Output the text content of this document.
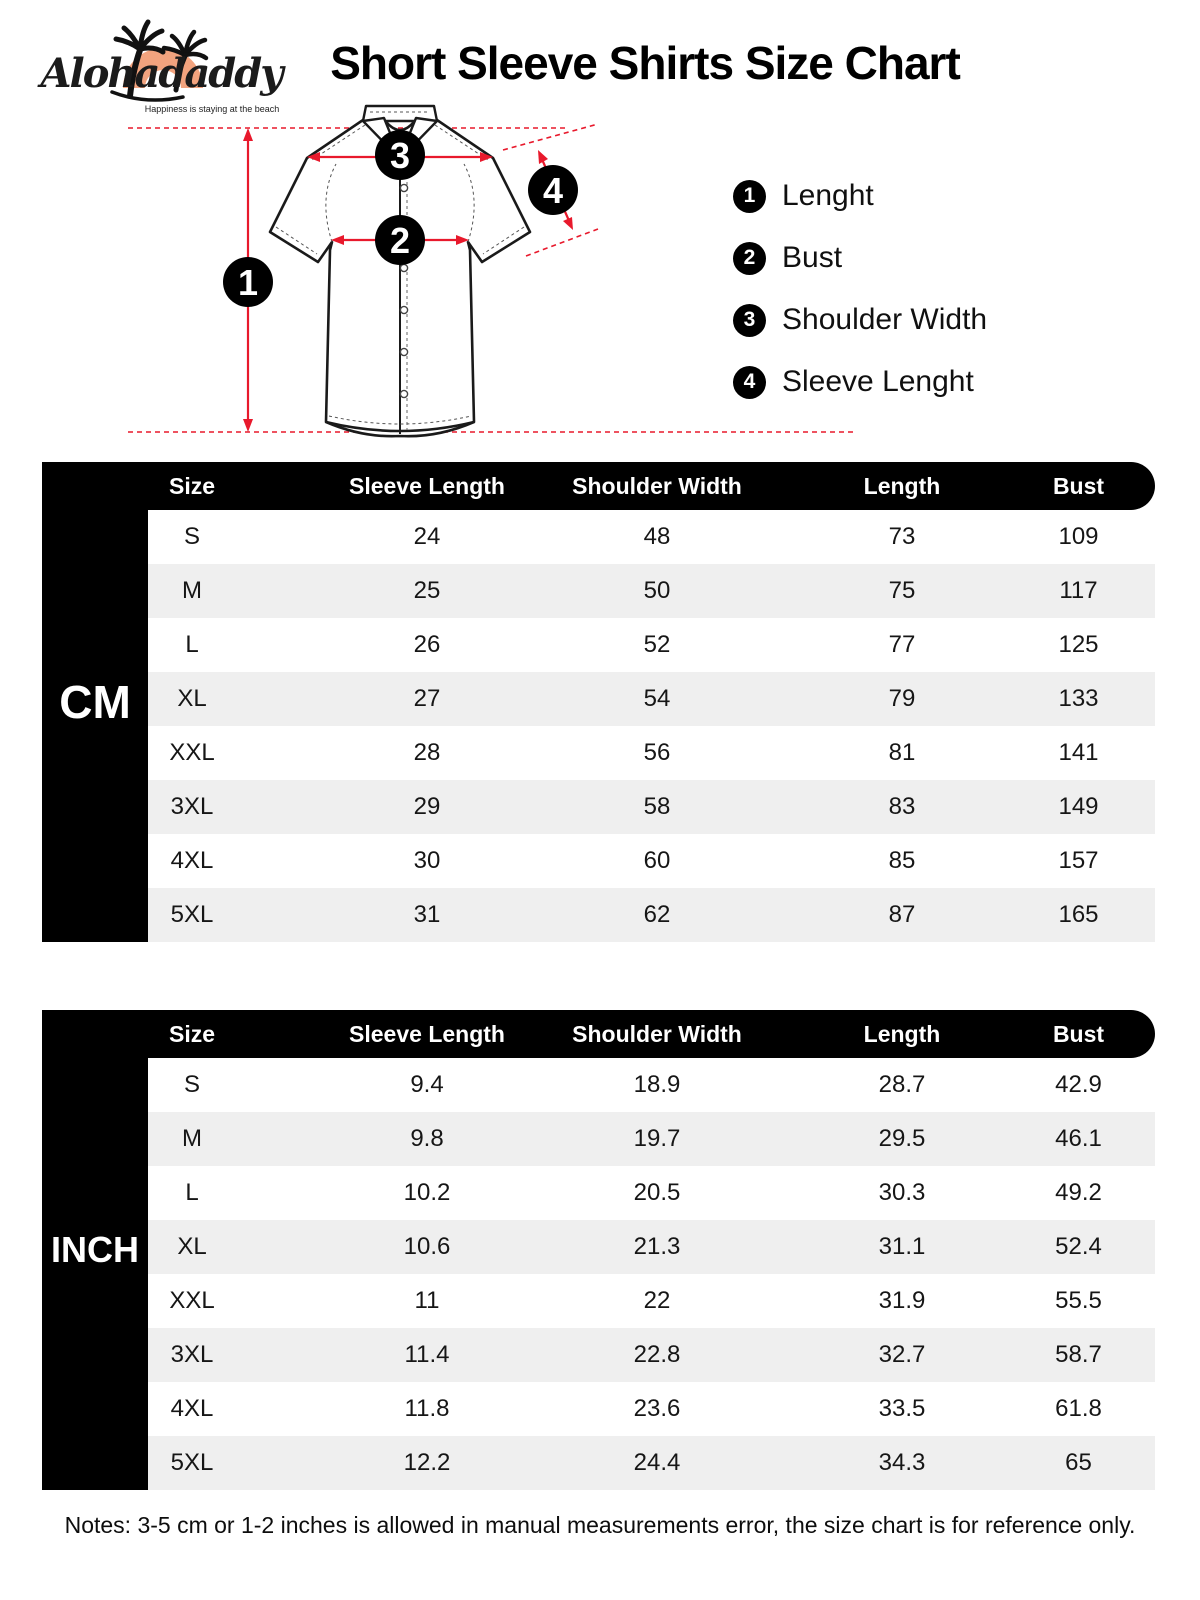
Alohadaddy
Happiness is staying at the beach
Short Sleeve Shirts Size Chart
1
3
2
4	1 Lenght
2 Bust
3 Shoulder Width
4 Sleeve Lenght
CM
Size	Sleeve Length	Shoulder Width	Length	Bust
S	24	48	73	109
M	25	50	75	117
L	26	52	77	125
XL	27	54	79	133
XXL	28	56	81	141
3XL	29	58	83	149
4XL	30	60	85	157
5XL	31	62	87	165
INCH
Size	Sleeve Length	Shoulder Width	Length	Bust
S	9.4	18.9	28.7	42.9
M	9.8	19.7	29.5	46.1
L	10.2	20.5	30.3	49.2
XL	10.6	21.3	31.1	52.4
XXL	11	22	31.9	55.5
3XL	11.4	22.8	32.7	58.7
4XL	11.8	23.6	33.5	61.8
5XL	12.2	24.4	34.3	65
Notes: 3-5 cm or 1-2 inches is allowed in manual measurements error, the size chart is for reference only.
